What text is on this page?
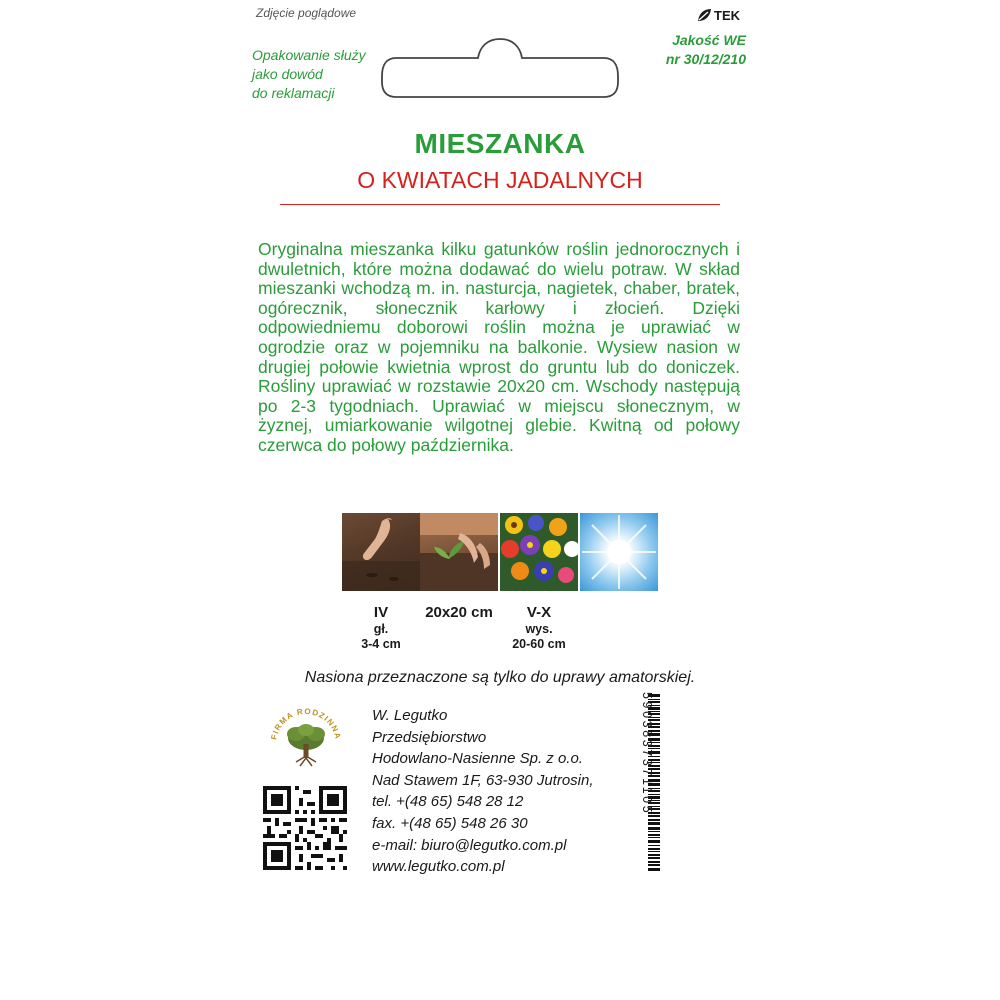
Zdjęcie poglądowe	TEK
Jakość WE
nr 30/12/210
Opakowanie służy
jako dowód
do reklamacji
MIESZANKA
O KWIATACH JADALNYCH
Oryginalna mieszanka kilku gatunków roślin jednorocznych i dwuletnich, które można dodawać do wielu potraw. W skład mieszanki wchodzą m. in. nasturcja, nagietek, chaber, bratek, ogórecznik, słonecznik karłowy i złocień. Dzięki odpowiedniemu doborowi roślin można je uprawiać w ogrodzie oraz w pojemniku na balkonie. Wysiew nasion w drugiej połowie kwietnia wprost do gruntu lub do doniczek. Rośliny uprawiać w rozstawie 20x20 cm. Wschody następują po 2-3 tygodniach. Uprawiać w miejscu słonecznym, w żyznej, umiarkowanie wilgotnej glebie. Kwitną od połowy czerwca do połowy października.
IV
gł.
3-4 cm
20x20 cm	V-X
wys.
20-60 cm
Nasiona przeznaczone są tylko do uprawy amatorskiej.
FIRMA RODZINNA
W. Legutko
Przedsiębiorstwo
Hodowlano-Nasienne Sp. z o.o.
Nad Stawem 1F, 63-930 Jutrosin,
tel. +(48 65) 548 28 12
fax. +(48 65) 548 26 30
e-mail: biuro@legutko.com.pl
www.legutko.com.pl
5903837371105
